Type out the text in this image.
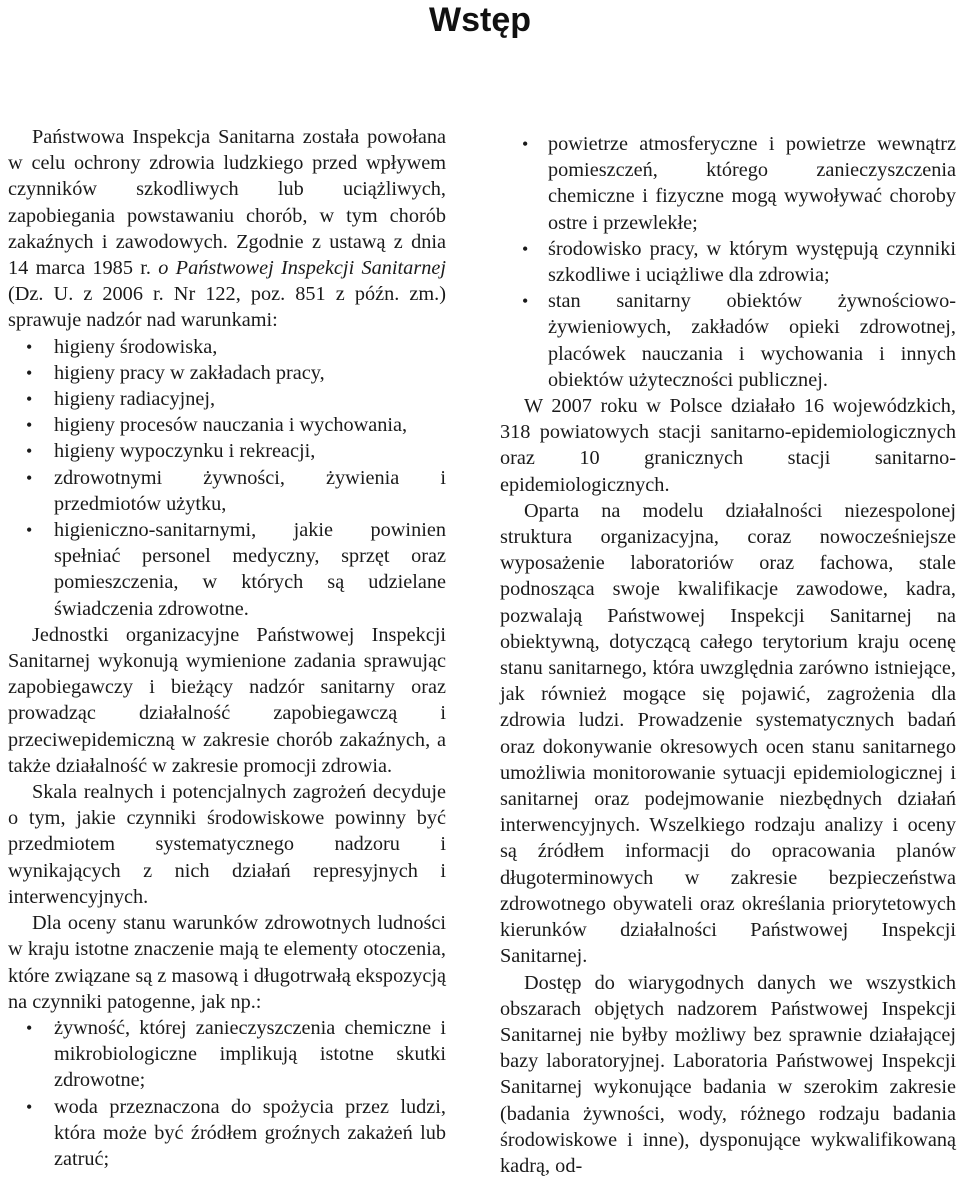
Wstęp

Państwowa Inspekcja Sanitarna została powołana w celu ochrony zdrowia ludzkiego przed wpływem czynników szkodliwych lub uciążliwych, zapobiegania powstawaniu chorób, w tym chorób zakaźnych i zawodowych. Zgodnie z ustawą z dnia 14 marca 1985 r. o Państwowej Inspekcji Sanitarnej (Dz. U. z 2006 r. Nr 122, poz. 851 z późn. zm.) sprawuje nadzór nad warunkami:

• higieny środowiska,
• higieny pracy w zakładach pracy,
• higieny radiacyjnej,
• higieny procesów nauczania i wychowania,
• higieny wypoczynku i rekreacji,
• zdrowotnymi żywności, żywienia i przedmiotów użytku,
• higieniczno-sanitarnymi, jakie powinien spełniać personel medyczny, sprzęt oraz pomieszczenia, w których są udzielane świadczenia zdrowotne.

Jednostki organizacyjne Państwowej Inspekcji Sanitarnej wykonują wymienione zadania sprawując zapobiegawczy i bieżący nadzór sanitarny oraz prowadząc działalność zapobiegawczą i przeciwepidemiczną w zakresie chorób zakaźnych, a także działalność w zakresie promocji zdrowia.

Skala realnych i potencjalnych zagrożeń decyduje o tym, jakie czynniki środowiskowe powinny być przedmiotem systematycznego nadzoru i wynikających z nich działań represyjnych i interwencyjnych.

Dla oceny stanu warunków zdrowotnych ludności w kraju istotne znaczenie mają te elementy otoczenia, które związane są z masową i długotrwałą ekspozycją na czynniki patogenne, jak np.:

• żywność, której zanieczyszczenia chemiczne i mikrobiologiczne implikują istotne skutki zdrowotne;
• woda przeznaczona do spożycia przez ludzi, która może być źródłem groźnych zakażeń lub zatruć;
• powietrze atmosferyczne i powietrze wewnątrz pomieszczeń, którego zanieczyszczenia chemiczne i fizyczne mogą wywoływać choroby ostre i przewlekłe;
• środowisko pracy, w którym występują czynniki szkodliwe i uciążliwe dla zdrowia;
• stan sanitarny obiektów żywnościowo-żywieniowych, zakładów opieki zdrowotnej, placówek nauczania i wychowania i innych obiektów użyteczności publicznej.

W 2007 roku w Polsce działało 16 wojewódzkich, 318 powiatowych stacji sanitarno-epidemiologicznych oraz 10 granicznych stacji sanitarno-epidemiologicznych.

Oparta na modelu działalności niezespolonej struktura organizacyjna, coraz nowocześniejsze wyposażenie laboratoriów oraz fachowa, stale podnosząca swoje kwalifikacje zawodowe, kadra, pozwalają Państwowej Inspekcji Sanitarnej na obiektywną, dotyczącą całego terytorium kraju ocenę stanu sanitarnego, która uwzględnia zarówno istniejące, jak również mogące się pojawić, zagrożenia dla zdrowia ludzi. Prowadzenie systematycznych badań oraz dokonywanie okresowych ocen stanu sanitarnego umożliwia monitorowanie sytuacji epidemiologicznej i sanitarnej oraz podejmowanie niezbędnych działań interwencyjnych. Wszelkiego rodzaju analizy i oceny są źródłem informacji do opracowania planów długoterminowych w zakresie bezpieczeństwa zdrowotnego obywateli oraz określania priorytetowych kierunków działalności Państwowej Inspekcji Sanitarnej.

Dostęp do wiarygodnych danych we wszystkich obszarach objętych nadzorem Państwowej Inspekcji Sanitarnej nie byłby możliwy bez sprawnie działającej bazy laboratoryjnej. Laboratoria Państwowej Inspekcji Sanitarnej wykonujące badania w szerokim zakresie (badania żywności, wody, różnego rodzaju badania środowiskowe i inne), dysponujące wykwalifikowaną kadrą, od-
